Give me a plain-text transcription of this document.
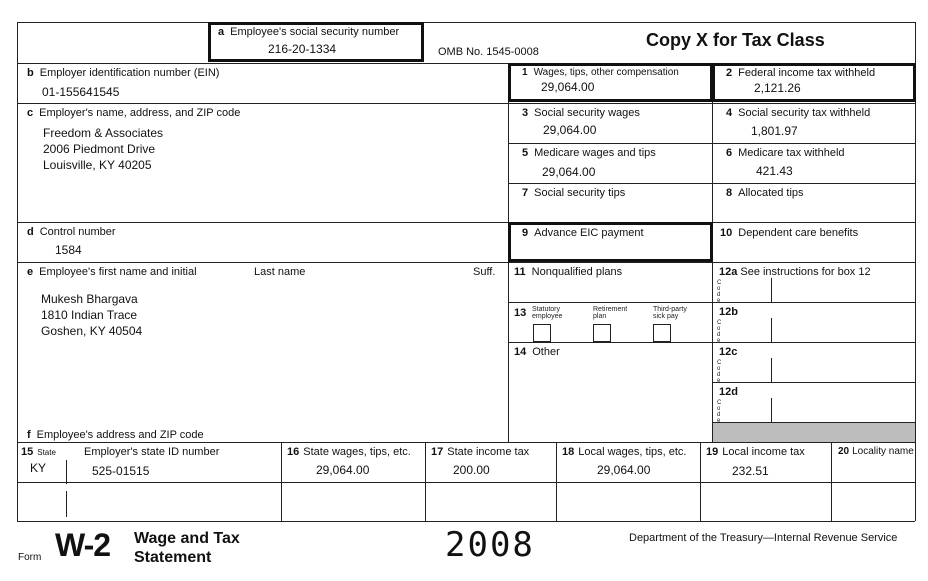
a Employee's social security number
216-20-1334	OMB No. 1545-0008
Copy X for Tax Class
b Employer identification number (EIN)
01-155641545
c Employer's name, address, and ZIP code
Freedom & Associates
2006 Piedmont Drive
Louisville, KY 40205
d Control number
1584
e Employee's first name and initial	Last name	Suff.
Mukesh Bhargava
1810 Indian Trace
Goshen, KY 40504
f Employee's address and ZIP code
1 Wages, tips, other compensation
29,064.00
2 Federal income tax withheld
2,121.26
3 Social security wages
29,064.00
4 Social security tax withheld
1,801.97
5 Medicare wages and tips
29,064.00
6 Medicare tax withheld
421.43
7 Social security tips	8 Allocated tips
9 Advance EIC payment	10 Dependent care benefits
11 Nonqualified plans	12a See instructions for box 12
12b
12c
12d
C
o
d
e
C
o
d
e
C
o
d
e
C
o
d
e
13 Statutory employee
Retirement plan
Third-party sick pay
14 Other
15 State	Employer's state ID number
KY	525-01515
16 State wages, tips, etc.
29,064.00
17 State income tax
200.00
18 Local wages, tips, etc.
29,064.00
19 Local income tax
232.51
20 Locality name
Form W-2 Wage and Tax
Statement	2008	Department of the Treasury—Internal Revenue Service
